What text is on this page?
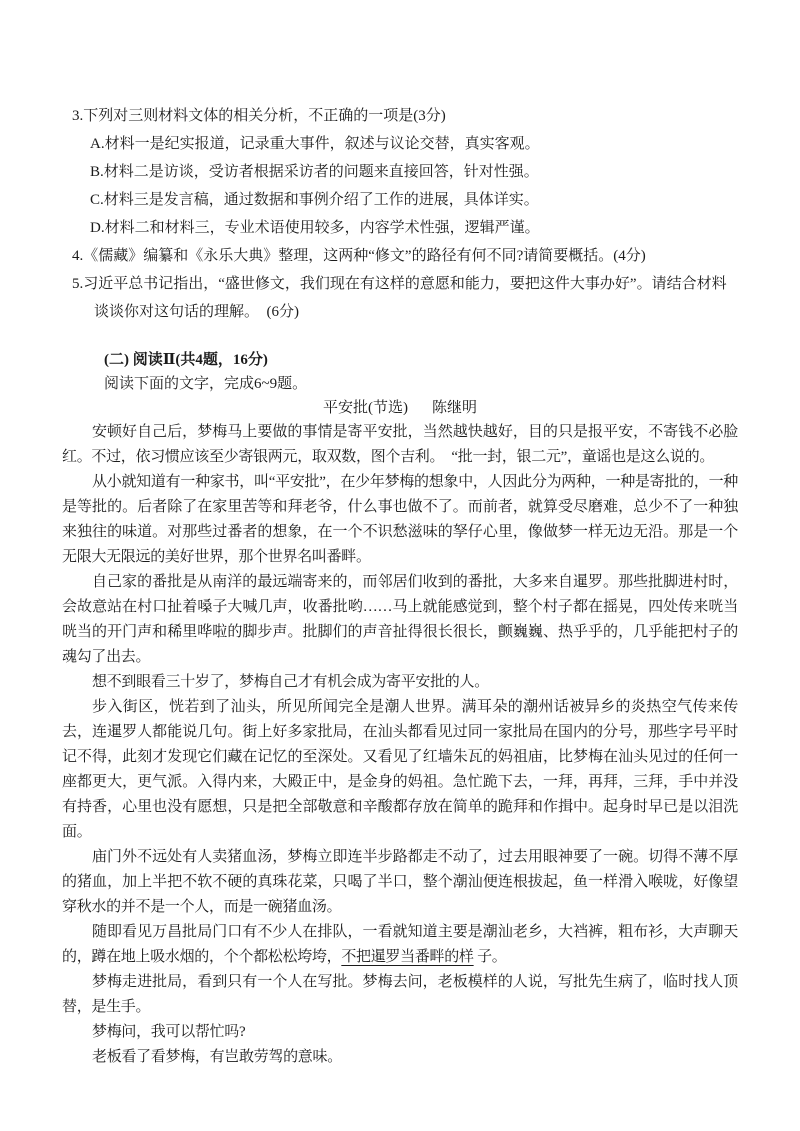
3.下列对三则材料文体的相关分析，不正确的一项是(3分)

A.材料一是纪实报道，记录重大事件，叙述与议论交替，真实客观。

B.材料二是访谈，受访者根据采访者的问题来直接回答，针对性强。

C.材料三是发言稿，通过数据和事例介绍了工作的进展，具体详实。

D.材料二和材料三，专业术语使用较多，内容学术性强，逻辑严谨。

4.《儒藏》编纂和《永乐大典》整理，这两种“修文”的路径有何不同?请简要概括。(4分)

5.习近平总书记指出，“盛世修文，我们现在有这样的意愿和能力，要把这件大事办好”。请结合材料

谈谈你对这句话的理解。　(6分)

(二) 阅读Ⅱ(共4题，16分)

阅读下面的文字，完成6~9题。

平安批(节选) 陈继明

安顿好自己后，梦梅马上要做的事情是寄平安批，当然越快越好，目的只是报平安，不寄钱不必脸红。不过，依习惯应该至少寄银两元，取双数，图个吉利。　“批一封，银二元”，童谣也是这么说的。

从小就知道有一种家书，叫“平安批”，在少年梦梅的想象中，人因此分为两种，一种是寄批的，一种是等批的。后者除了在家里苦等和拜老爷，什么事也做不了。而前者，就算受尽磨难，总少不了一种独来独往的味道。对那些过番者的想象，在一个不识愁滋味的孥仔心里，像做梦一样无边无沿。那是一个无限大无限远的美好世界，那个世界名叫番畔。

自己家的番批是从南洋的最远端寄来的，而邻居们收到的番批，大多来自暹罗。那些批脚进村时，会故意站在村口扯着嗓子大喊几声，收番批哟……马上就能感觉到，整个村子都在摇晃，四处传来咣当咣当的开门声和稀里哗啦的脚步声。批脚们的声音扯得很长很长，颤巍巍、热乎乎的，几乎能把村子的魂勾了出去。

想不到眼看三十岁了，梦梅自己才有机会成为寄平安批的人。

步入街区，恍若到了汕头，所见所闻完全是潮人世界。满耳朵的潮州话被异乡的炎热空气传来传去，连暹罗人都能说几句。街上好多家批局，在汕头都看见过同一家批局在国内的分号，那些字号平时记不得，此刻才发现它们藏在记忆的至深处。又看见了红墙朱瓦的妈祖庙，比梦梅在汕头见过的任何一座都更大，更气派。入得内来，大殿正中，是金身的妈祖。急忙跪下去，一拜，再拜，三拜，手中并没有持香，心里也没有愿想，只是把全部敬意和辛酸都存放在简单的跪拜和作揖中。起身时早已是以泪洗面。

庙门外不远处有人卖猪血汤，梦梅立即连半步路都走不动了，过去用眼神要了一碗。切得不薄不厚的猪血，加上半把不软不硬的真珠花菜，只喝了半口，整个潮汕便连根拔起，鱼一样滑入喉咙，好像望穿秋水的并不是一个人，而是一碗猪血汤。

随即看见万昌批局门口有不少人在排队，一看就知道主要是潮汕老乡，大裆裤，粗布衫，大声聊天的，蹲在地上吸水烟的，个个都松松垮垮，不把暹罗当番畔的样 子。

梦梅走进批局，看到只有一个人在写批。梦梅去问，老板模样的人说，写批先生病了，临时找人顶替，是生手。

梦梅问，我可以帮忙吗?

老板看了看梦梅，有岂敢劳驾的意味。
